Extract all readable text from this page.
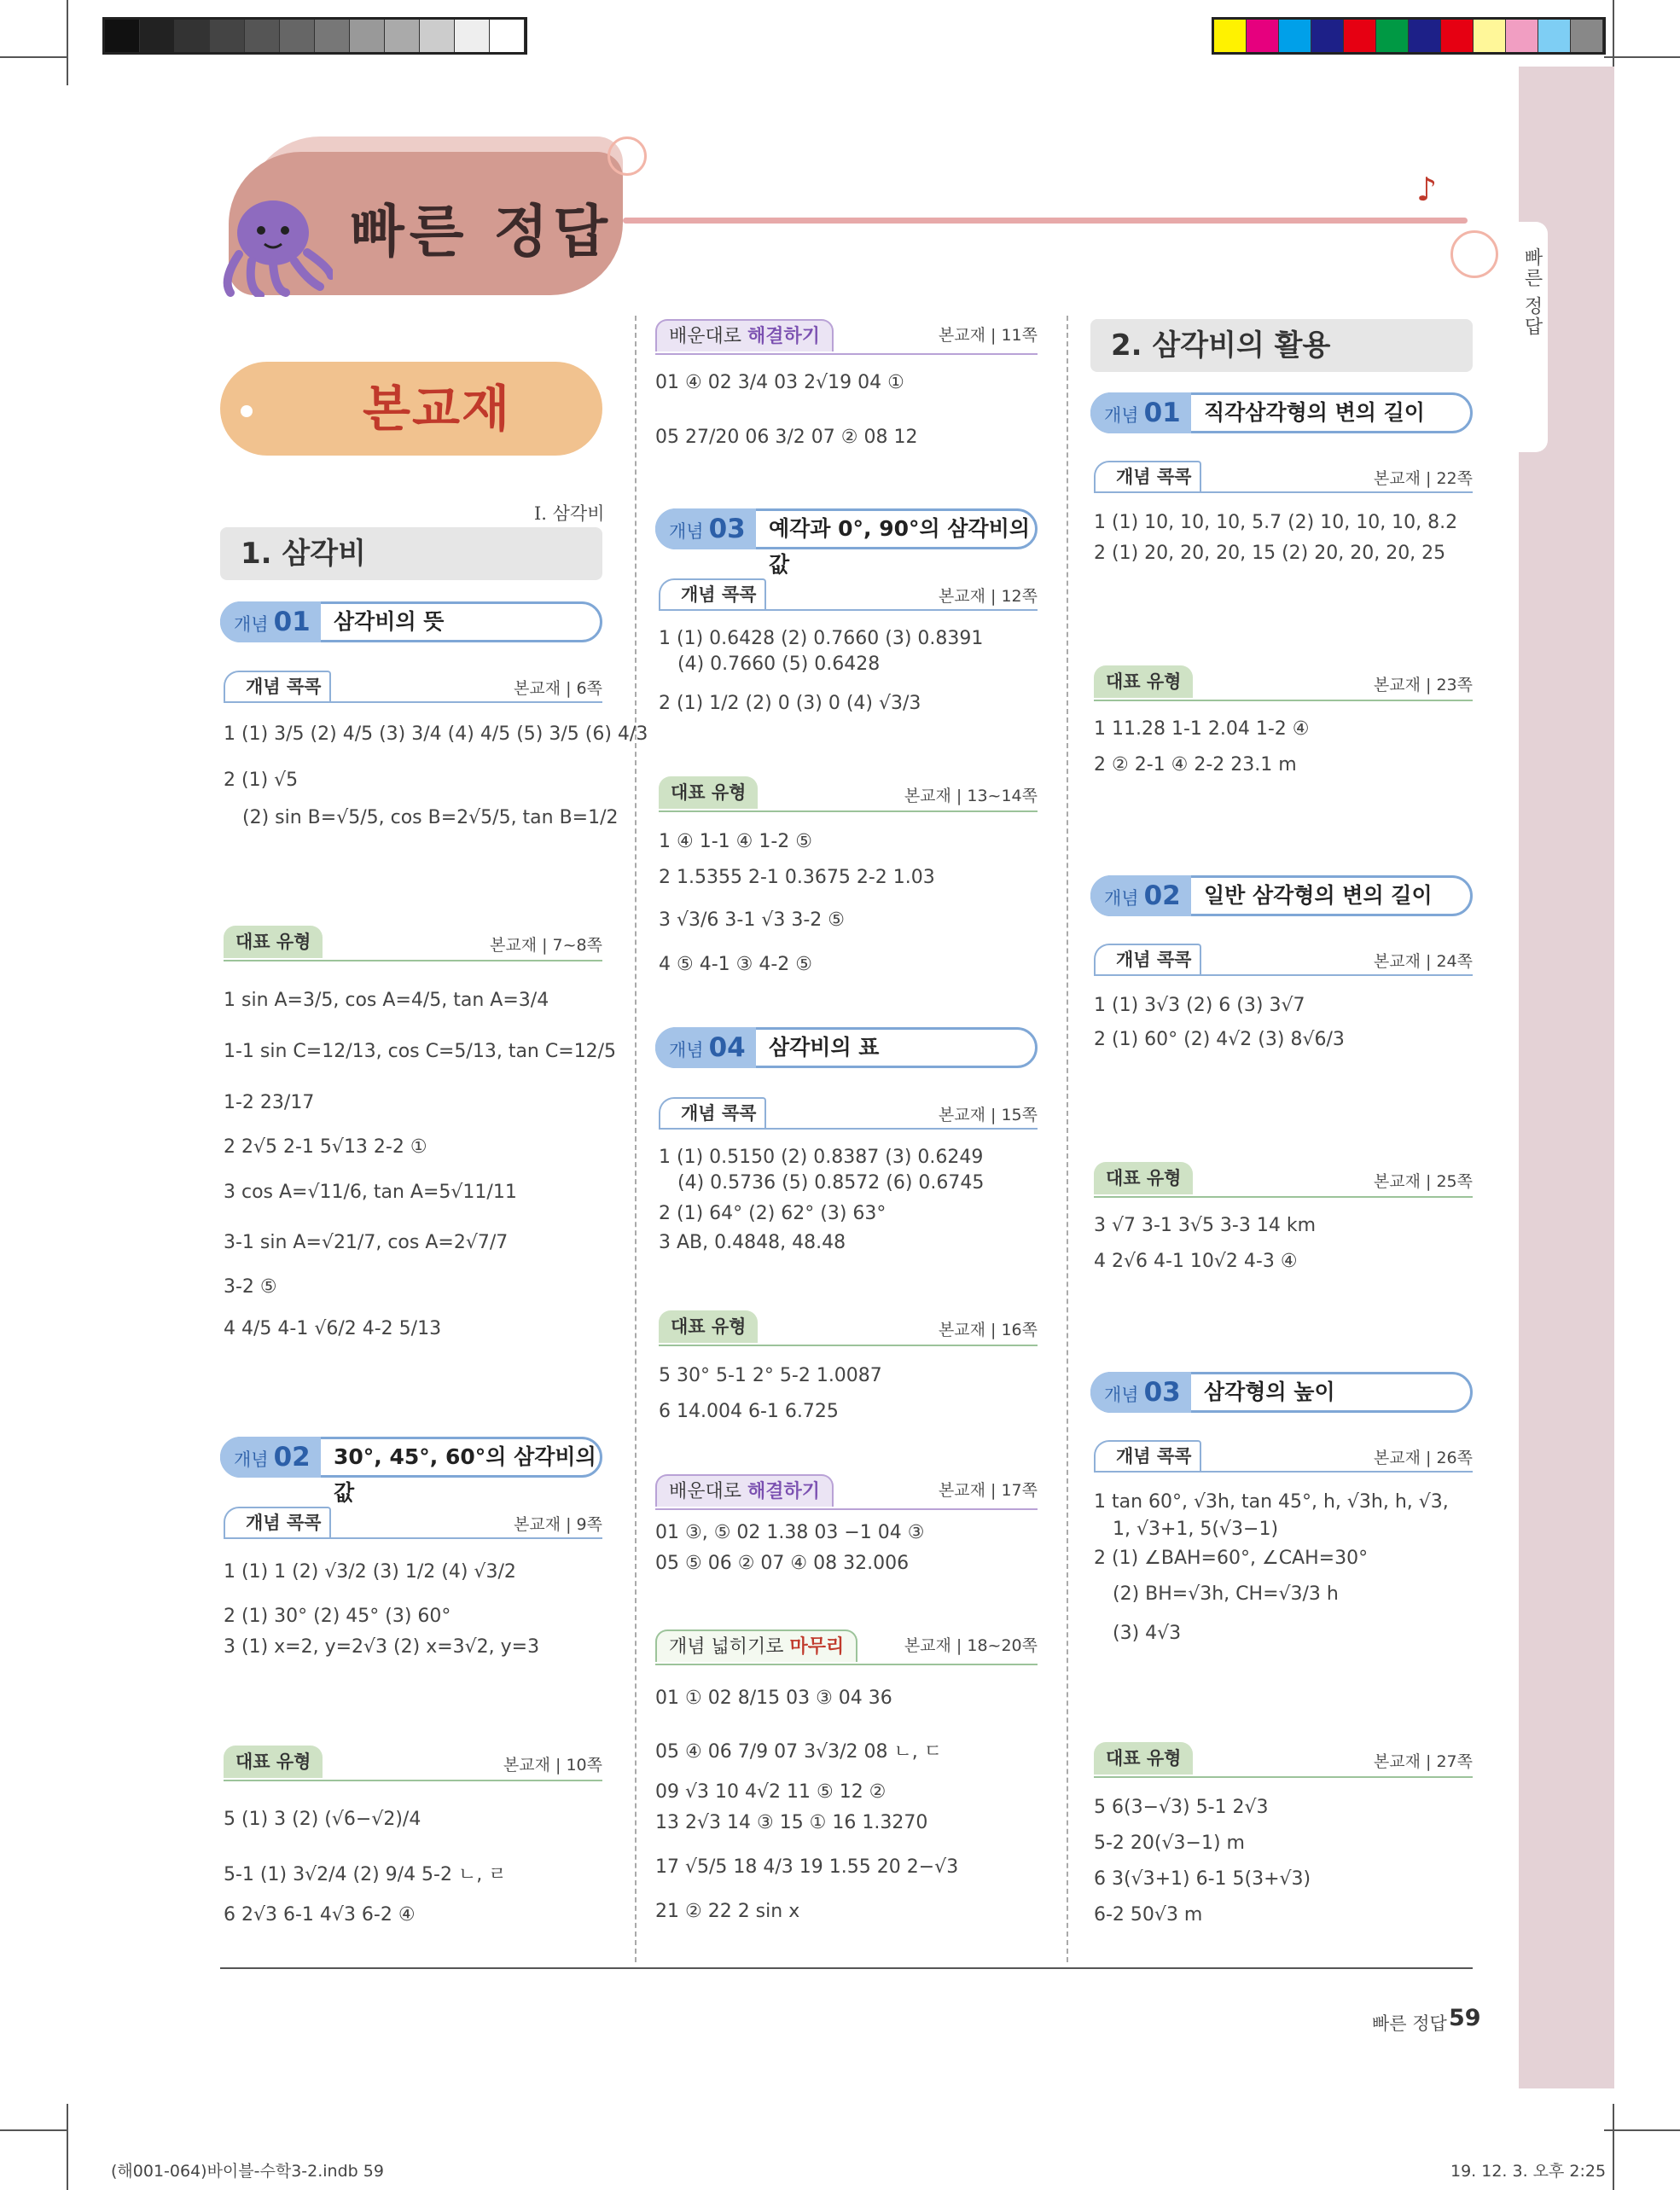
빠른 정답
♪
빠른 정답
본교재
I. 삼각비
1. 삼각비
개념 01	삼각비의 뜻
개념 콕콕	본교재 | 6쪽
1 (1) 3/5 (2) 4/5 (3) 3/4 (4) 4/5 (5) 3/5 (6) 4/3
2 (1) √5
(2) sin B=√5/5, cos B=2√5/5, tan B=1/2
대표 유형	본교재 | 7~8쪽
1 sin A=3/5, cos A=4/5, tan A=3/4
1-1 sin C=12/13, cos C=5/13, tan C=12/5
1-2 23/17
2 2√5 2-1 5√13 2-2 ①
3 cos A=√11/6, tan A=5√11/11
3-1 sin A=√21/7, cos A=2√7/7
3-2 ⑤
4 4/5 4-1 √6/2 4-2 5/13
개념 02	30°, 45°, 60°의 삼각비의 값
개념 콕콕	본교재 | 9쪽
1 (1) 1 (2) √3/2 (3) 1/2 (4) √3/2
2 (1) 30° (2) 45° (3) 60°
3 (1) x=2, y=2√3 (2) x=3√2, y=3
대표 유형	본교재 | 10쪽
5 (1) 3 (2) (√6−√2)/4
5-1 (1) 3√2/4 (2) 9/4 5-2 ㄴ, ㄹ
6 2√3 6-1 4√3 6-2 ④
배운대로 해결하기	본교재 | 11쪽
01 ④ 02 3/4 03 2√19 04 ①
05 27/20 06 3/2 07 ② 08 12
개념 03	예각과 0°, 90°의 삼각비의 값
개념 콕콕	본교재 | 12쪽
1 (1) 0.6428 (2) 0.7660 (3) 0.8391
(4) 0.7660 (5) 0.6428
2 (1) 1/2 (2) 0 (3) 0 (4) √3/3
대표 유형	본교재 | 13~14쪽
1 ④ 1-1 ④ 1-2 ⑤
2 1.5355 2-1 0.3675 2-2 1.03
3 √3/6 3-1 √3 3-2 ⑤
4 ⑤ 4-1 ③ 4-2 ⑤
개념 04	삼각비의 표
개념 콕콕	본교재 | 15쪽
1 (1) 0.5150 (2) 0.8387 (3) 0.6249
(4) 0.5736 (5) 0.8572 (6) 0.6745
2 (1) 64° (2) 62° (3) 63°
3 AB, 0.4848, 48.48
대표 유형	본교재 | 16쪽
5 30° 5-1 2° 5-2 1.0087
6 14.004 6-1 6.725
배운대로 해결하기	본교재 | 17쪽
01 ③, ⑤ 02 1.38 03 −1 04 ③
05 ⑤ 06 ② 07 ④ 08 32.006
개념 넓히기로 마무리	본교재 | 18~20쪽
01 ① 02 8/15 03 ③ 04 36
05 ④ 06 7/9 07 3√3/2 08 ㄴ, ㄷ
09 √3 10 4√2 11 ⑤ 12 ②
13 2√3 14 ③ 15 ① 16 1.3270
17 √5/5 18 4/3 19 1.55 20 2−√3
21 ② 22 2 sin x
2. 삼각비의 활용
개념 01	직각삼각형의 변의 길이
개념 콕콕	본교재 | 22쪽
1 (1) 10, 10, 10, 5.7 (2) 10, 10, 10, 8.2
2 (1) 20, 20, 20, 15 (2) 20, 20, 20, 25
대표 유형	본교재 | 23쪽
1 11.28 1-1 2.04 1-2 ④
2 ② 2-1 ④ 2-2 23.1 m
개념 02	일반 삼각형의 변의 길이
개념 콕콕	본교재 | 24쪽
1 (1) 3√3 (2) 6 (3) 3√7
2 (1) 60° (2) 4√2 (3) 8√6/3
대표 유형	본교재 | 25쪽
3 √7 3-1 3√5 3-3 14 km
4 2√6 4-1 10√2 4-3 ④
개념 03	삼각형의 높이
개념 콕콕	본교재 | 26쪽
1 tan 60°, √3h, tan 45°, h, √3h, h, √3,
1, √3+1, 5(√3−1)
2 (1) ∠BAH=60°, ∠CAH=30°
(2) BH=√3h, CH=√3/3 h
(3) 4√3
대표 유형	본교재 | 27쪽
5 6(3−√3) 5-1 2√3
5-2 20(√3−1) m
6 3(√3+1) 6-1 5(3+√3)
6-2 50√3 m
빠른 정답 59
(해001-064)바이블-수학3-2.indb 59	19. 12. 3. 오후 2:25
